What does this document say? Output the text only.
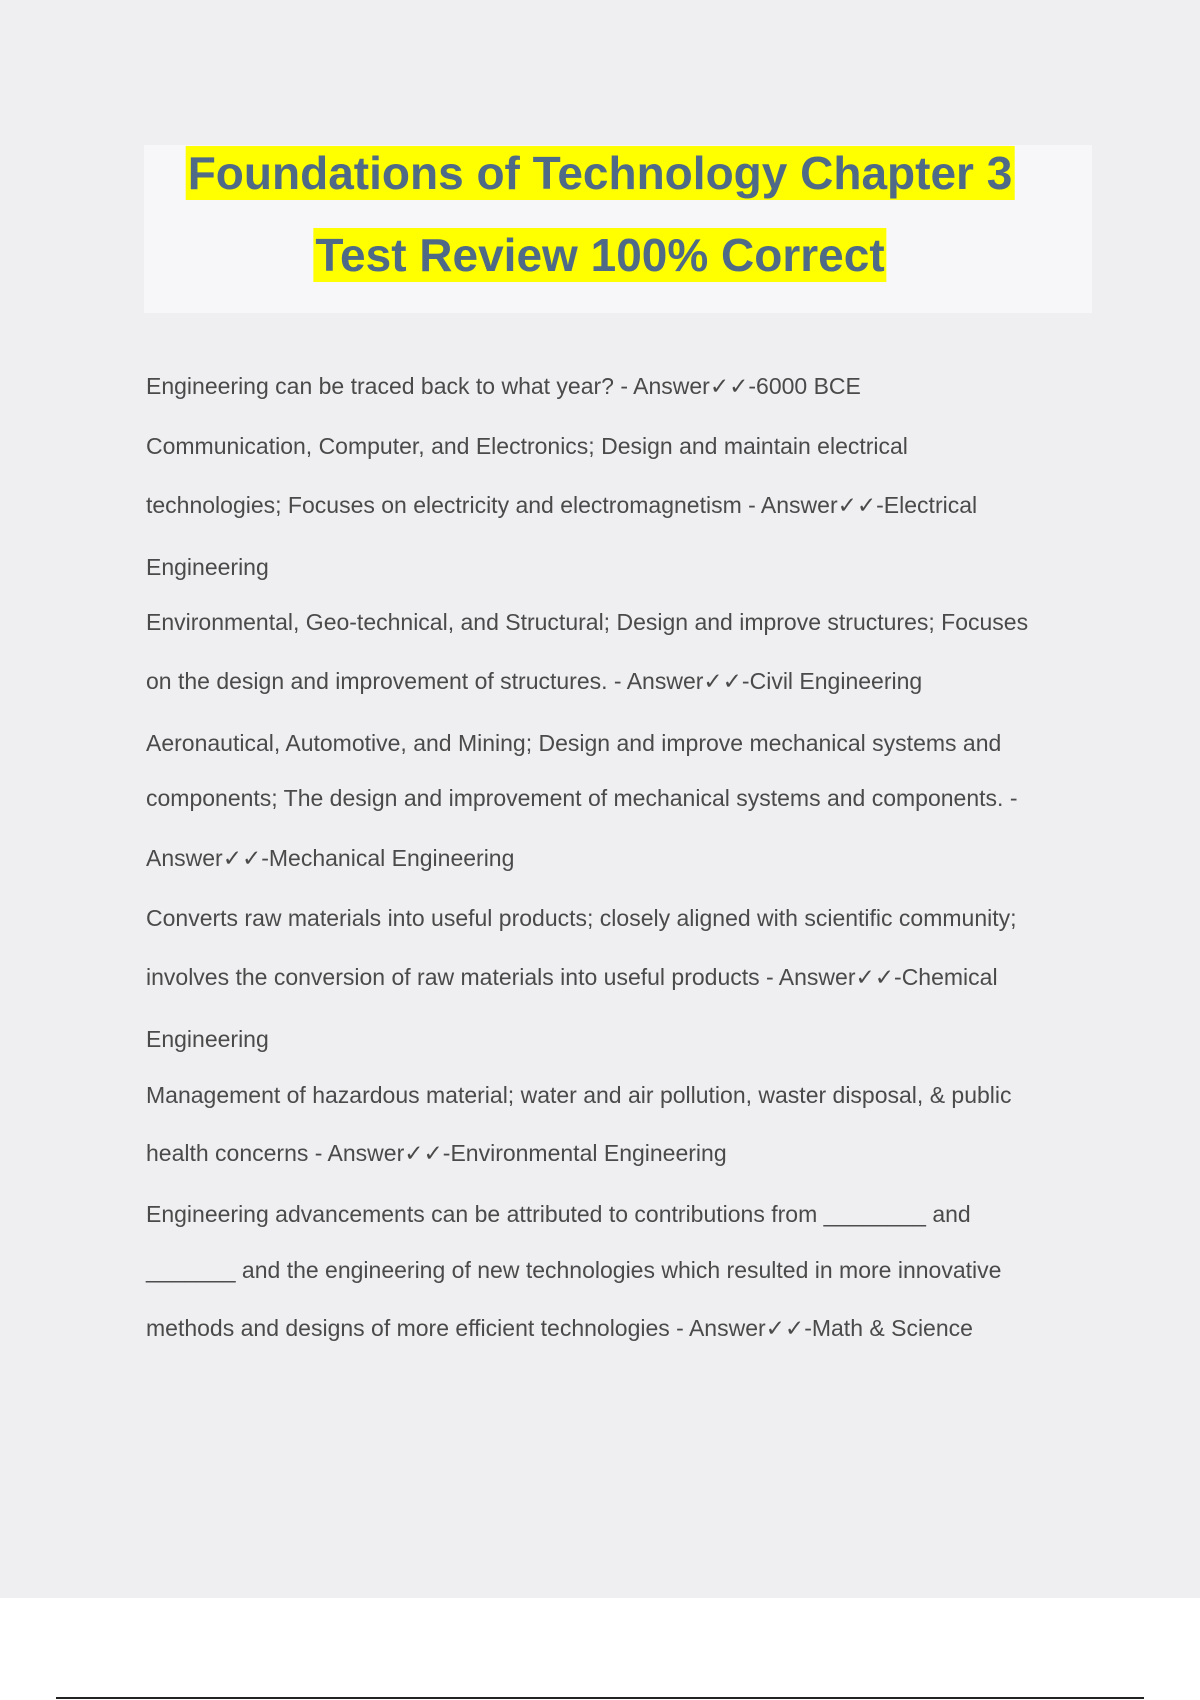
Foundations of Technology Chapter 3
Test Review 100% Correct
Engineering can be traced back to what year? - Answer✓✓-6000 BCE
Communication, Computer, and Electronics; Design and maintain electrical
technologies; Focuses on electricity and electromagnetism - Answer✓✓-Electrical
Engineering
Environmental, Geo-technical, and Structural; Design and improve structures; Focuses
on the design and improvement of structures. - Answer✓✓-Civil Engineering
Aeronautical, Automotive, and Mining; Design and improve mechanical systems and
components; The design and improvement of mechanical systems and components. -
Answer✓✓-Mechanical Engineering
Converts raw materials into useful products; closely aligned with scientific community;
involves the conversion of raw materials into useful products - Answer✓✓-Chemical
Engineering
Management of hazardous material; water and air pollution, waster disposal, & public
health concerns - Answer✓✓-Environmental Engineering
Engineering advancements can be attributed to contributions from ________ and
_______ and the engineering of new technologies which resulted in more innovative
methods and designs of more efficient technologies - Answer✓✓-Math & Science
